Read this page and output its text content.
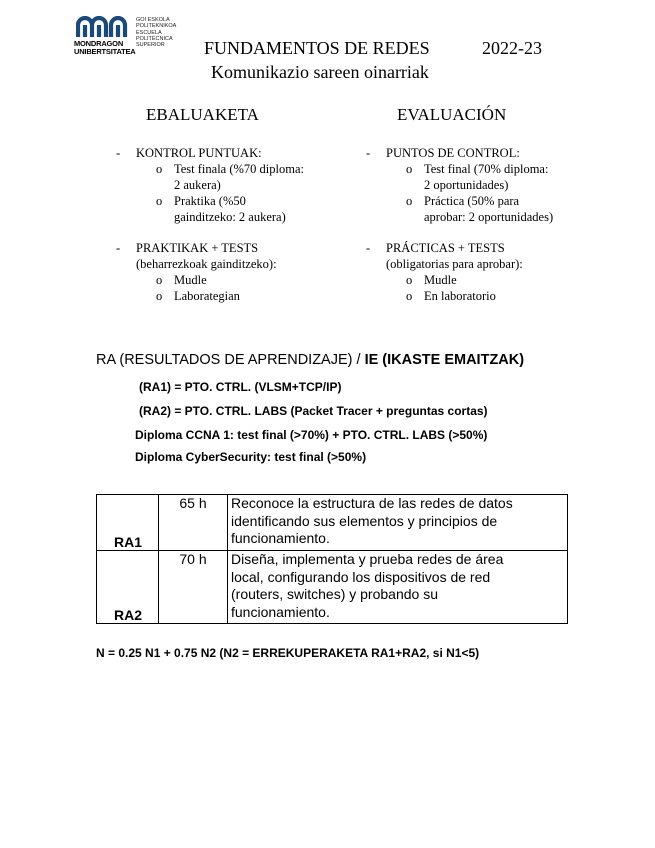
MONDRAGON
UNIBERTSITATEA
GOI ESKOLA
POLITEKNIKOA
ESCUELA
POLITÉCNICA
SUPERIOR	FUNDAMENTOS DE REDES	2022-23
Komunikazio sareen oinarriak
EBALUAKETA	EVALUACIÓN
- KONTROL PUNTUAK:
o Test finala (%70 diploma:
2 aukera)
o Praktika (%50
gainditzeko: 2 aukera)
- PRAKTIKAK + TESTS
(beharrezkoak gainditzeko):
o Mudle
o Laborategian
- PUNTOS DE CONTROL:
o Test final (70% diploma:
2 oportunidades)
o Práctica (50% para
aprobar: 2 oportunidades)
- PRÁCTICAS + TESTS
(obligatorias para aprobar):
o Mudle
o En laboratorio
RA (RESULTADOS DE APRENDIZAJE) / IE (IKASTE EMAITZAK)
(RA1) = PTO. CTRL. (VLSM+TCP/IP)
(RA2) = PTO. CTRL. LABS (Packet Tracer + preguntas cortas)
Diploma CCNA 1: test final (>70%) + PTO. CTRL. LABS (>50%)
Diploma CyberSecurity: test final (>50%)
RA1	65 h	Reconoce la estructura de las redes de datos
identificando sus elementos y principios de
funcionamiento.

RA2	70 h	Diseña, implementa y prueba redes de área
local, configurando los dispositivos de red
(routers, switches) y probando su
funcionamiento.
N = 0.25 N1 + 0.75 N2 (N2 = ERREKUPERAKETA RA1+RA2, si N1<5)
